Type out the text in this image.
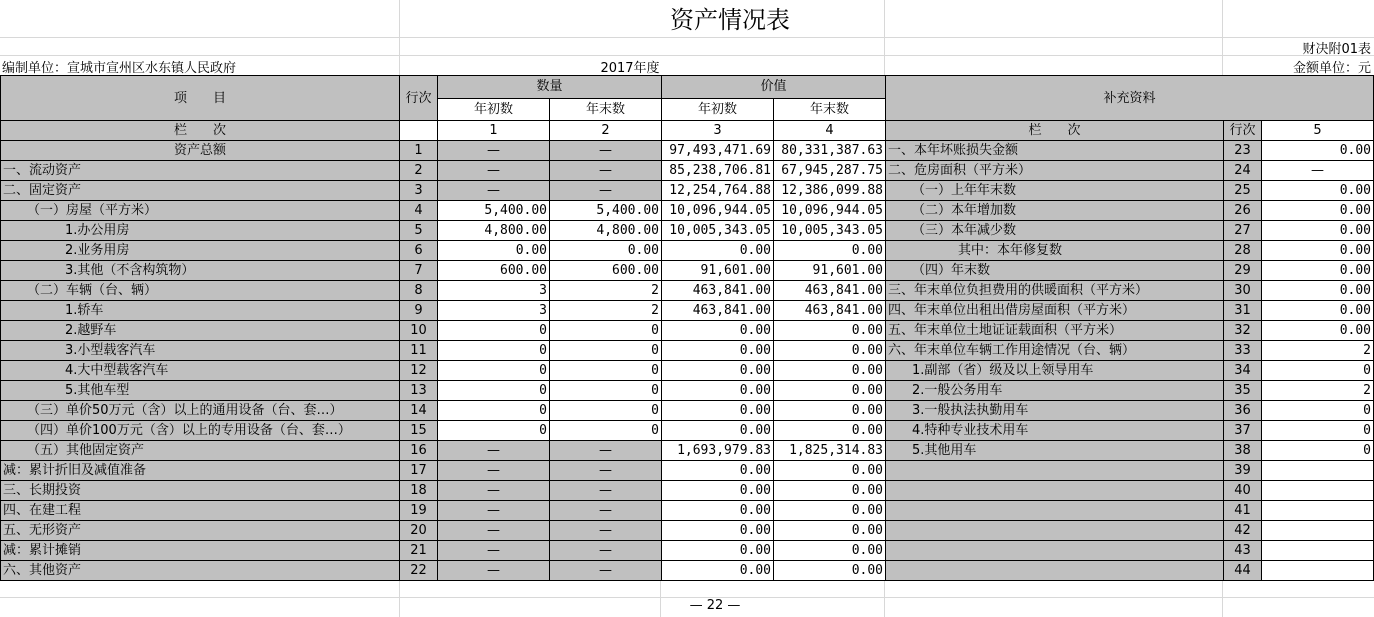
资产情况表
财决附01表
编制单位：宣城市宣州区水东镇人民政府	2017年度	金额单位：元
项　　目	行次	数量		价值		补充资料		
		年初数	年末数	年初数	年末数			
栏　　次		1	2	3	4	栏　　次	行次	5
资产总额	1	—	—	97,493,471.69	80,331,387.63	一、本年坏账损失金额	23	0.00
一、流动资产	2	—	—	85,238,706.81	67,945,287.75	二、危房面积（平方米）	24	—
二、固定资产	3	—	—	12,254,764.88	12,386,099.88	（一）上年年末数	25	0.00
（一）房屋（平方米）	4	5,400.00	5,400.00	10,096,944.05	10,096,944.05	（二）本年增加数	26	0.00
1.办公用房	5	4,800.00	4,800.00	10,005,343.05	10,005,343.05	（三）本年减少数	27	0.00
2.业务用房	6	0.00	0.00	0.00	0.00	其中：本年修复数	28	0.00
3.其他（不含构筑物）	7	600.00	600.00	91,601.00	91,601.00	（四）年末数	29	0.00
（二）车辆（台、辆）	8	3	2	463,841.00	463,841.00	三、年末单位负担费用的供暖面积（平方米）	30	0.00
1.轿车	9	3	2	463,841.00	463,841.00	四、年末单位出租出借房屋面积（平方米）	31	0.00
2.越野车	10	0	0	0.00	0.00	五、年末单位土地证证载面积（平方米）	32	0.00
3.小型载客汽车	11	0	0	0.00	0.00	六、年末单位车辆工作用途情况（台、辆）	33	2
4.大中型载客汽车	12	0	0	0.00	0.00	1.副部（省）级及以上领导用车	34	0
5.其他车型	13	0	0	0.00	0.00	2.一般公务用车	35	2
（三）单价50万元（含）以上的通用设备（台、套…）	14	0	0	0.00	0.00	3.一般执法执勤用车	36	0
（四）单价100万元（含）以上的专用设备（台、套…）	15	0	0	0.00	0.00	4.特种专业技术用车	37	0
（五）其他固定资产	16	—	—	1,693,979.83	1,825,314.83	5.其他用车	38	0
减：累计折旧及减值准备	17	—	—	0.00	0.00		39	
三、长期投资	18	—	—	0.00	0.00		40	
四、在建工程	19	—	—	0.00	0.00		41	
五、无形资产	20	—	—	0.00	0.00		42	
减：累计摊销	21	—	—	0.00	0.00		43	
六、其他资产	22	—	—	0.00	0.00		44	
— 22 —
